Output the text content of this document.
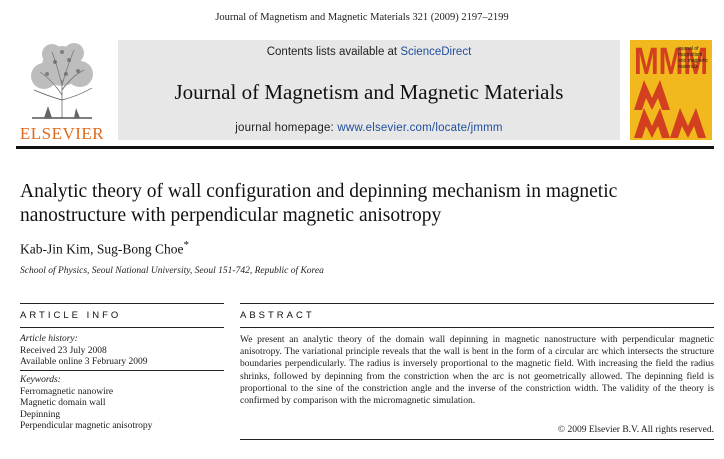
Journal of Magnetism and Magnetic Materials 321 (2009) 2197–2199
ELSEVIER
Contents lists available at ScienceDirect
Journal of Magnetism and Magnetic Materials
journal homepage: www.elsevier.com/locate/jmmm
MMM
journal of magnetism and magnetic materials
Analytic theory of wall configuration and depinning mechanism in magnetic
nanostructure with perpendicular magnetic anisotropy
Kab-Jin Kim, Sug-Bong Choe*
School of Physics, Seoul National University, Seoul 151-742, Republic of Korea
ARTICLE INFO	ABSTRACT
Article history:
Received 23 July 2008
Available online 3 February 2009
Keywords:
Ferromagnetic nanowire
Magnetic domain wall
Depinning
Perpendicular magnetic anisotropy
We present an analytic theory of the domain wall depinning in magnetic nanostructure with perpendicular magnetic anisotropy. The variational principle reveals that the wall is bent in the form of a circular arc which intersects the structure boundaries perpendicularly. The radius is inversely proportional to the magnetic field. With increasing the field the radius shrinks, followed by depinning from the constriction when the arc is not geometrically allowed. The depinning field is proportional to the sine of the constriction angle and the inverse of the constriction width. The validity of the theory is confirmed by comparison with the micromagnetic simulation.
© 2009 Elsevier B.V. All rights reserved.
